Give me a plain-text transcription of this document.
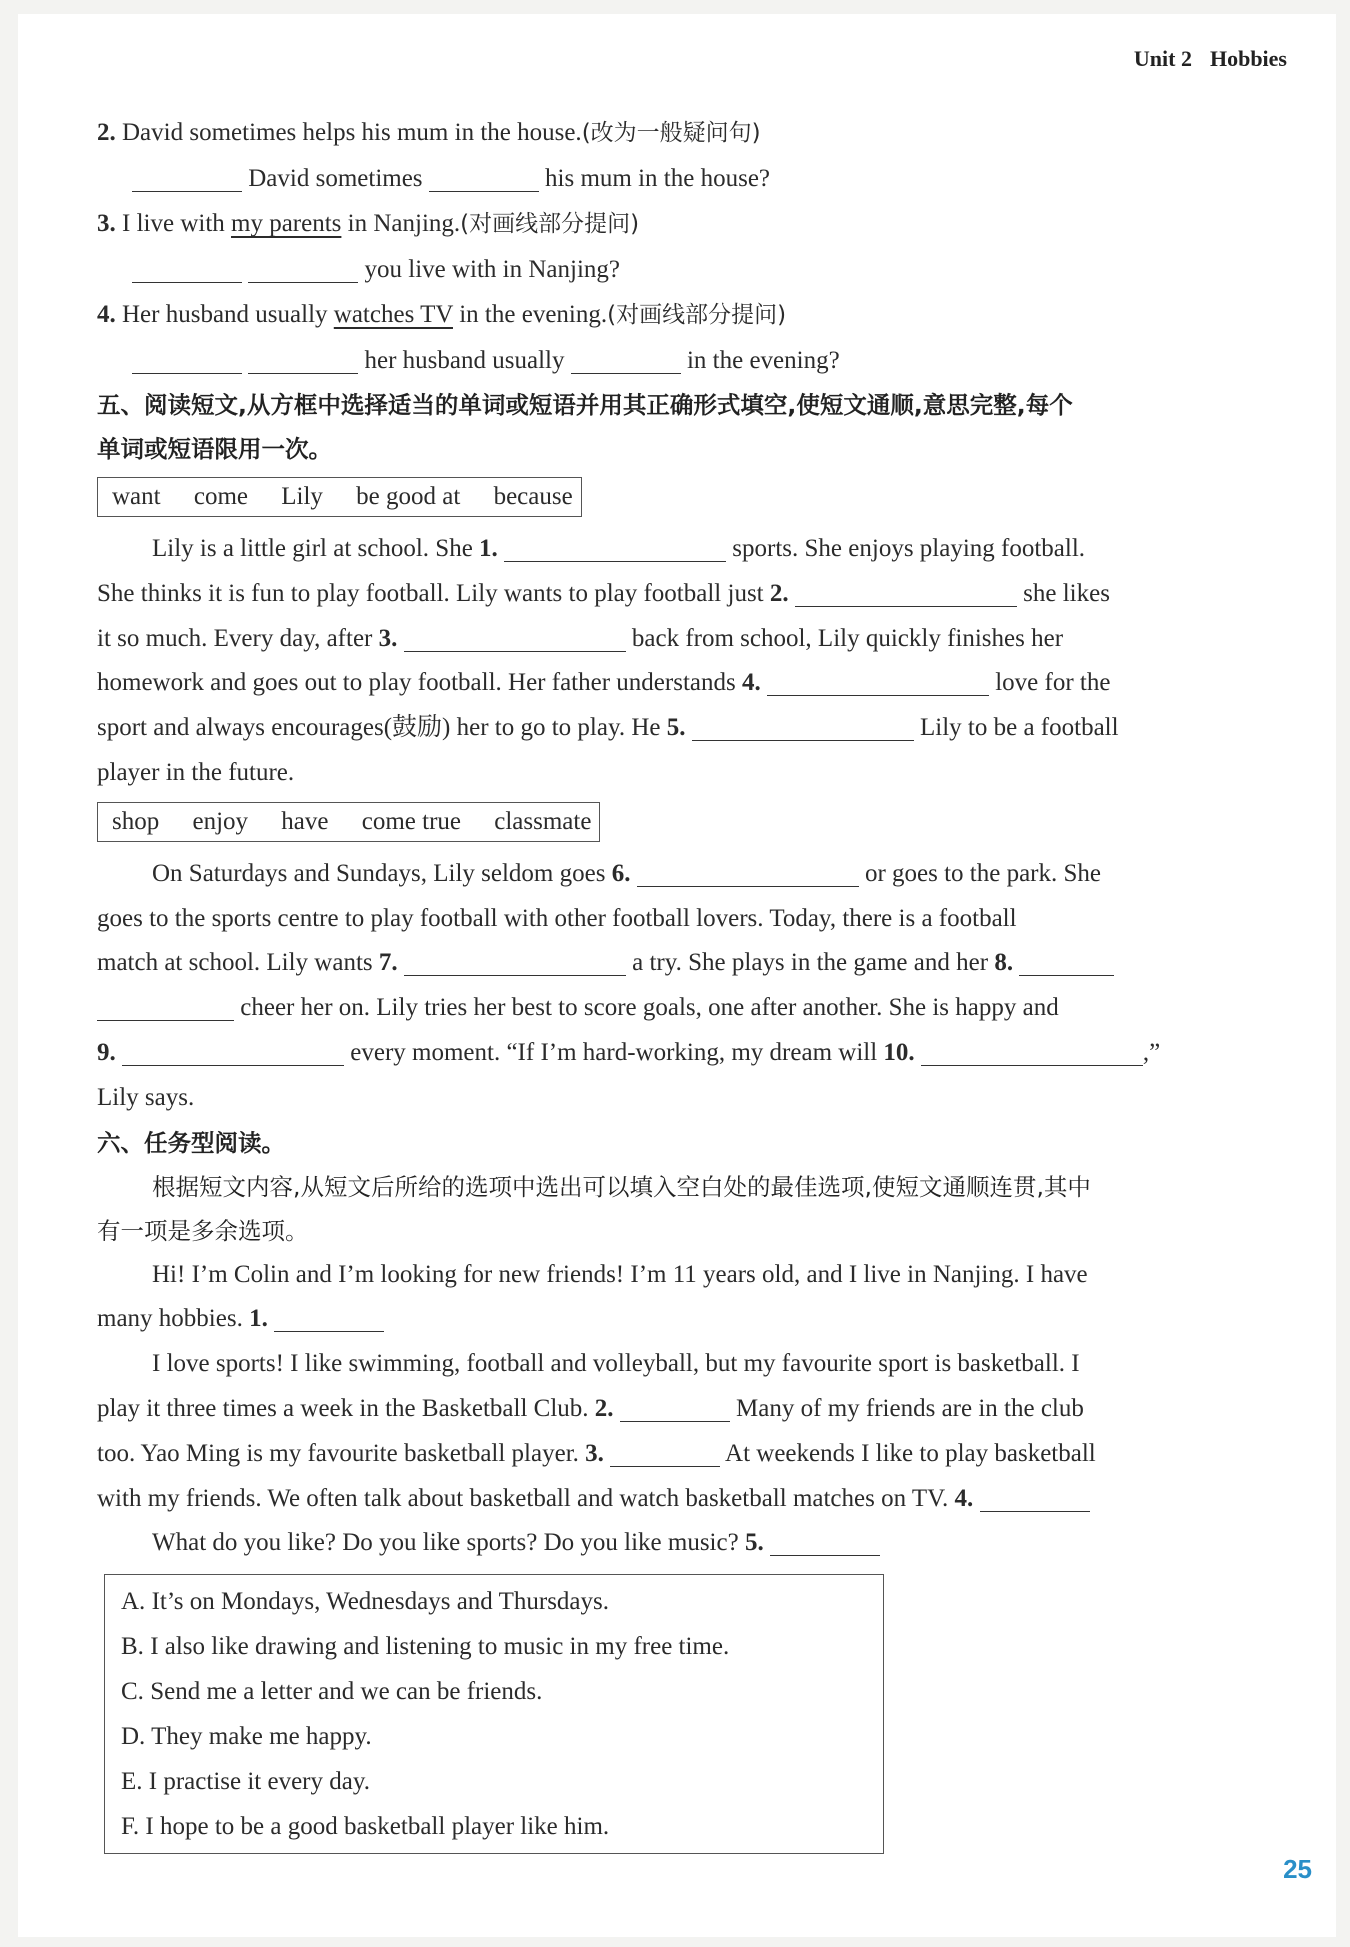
Unit 2 Hobbies
2. David sometimes helps his mum in the house.(改为一般疑问句)
David sometimes	his mum in the house?
3. I live with my parents in Nanjing.(对画线部分提问)
you live with in Nanjing?
4. Her husband usually watches TV in the evening.(对画线部分提问)
her husband usually	in the evening?
五、阅读短文,从方框中选择适当的单词或短语并用其正确形式填空,使短文通顺,意思完整,每个
单词或短语限用一次。
want come Lily be good at because
Lily is a little girl at school. She 1.	sports. She enjoys playing football.
She thinks it is fun to play football. Lily wants to play football just 2.	she likes
it so much. Every day, after 3.	back from school, Lily quickly finishes her
homework and goes out to play football. Her father understands 4.	love for the
sport and always encourages(鼓励) her to go to play. He 5.	Lily to be a football
player in the future.
shop enjoy have come true classmate
On Saturdays and Sundays, Lily seldom goes 6.	or goes to the park. She
goes to the sports centre to play football with other football lovers. Today, there is a football
match at school. Lily wants 7.	a try. She plays in the game and her 8.
cheer her on. Lily tries her best to score goals, one after another. She is happy and
9.	every moment. “If I’m hard-working, my dream will 10.	,”
Lily says.
六、任务型阅读。
根据短文内容,从短文后所给的选项中选出可以填入空白处的最佳选项,使短文通顺连贯,其中
有一项是多余选项。
Hi! I’m Colin and I’m looking for new friends! I’m 11 years old, and I live in Nanjing. I have
many hobbies. 1.
I love sports! I like swimming, football and volleyball, but my favourite sport is basketball. I
play it three times a week in the Basketball Club. 2.	Many of my friends are in the club
too. Yao Ming is my favourite basketball player. 3.	At weekends I like to play basketball
with my friends. We often talk about basketball and watch basketball matches on TV. 4.
What do you like? Do you like sports? Do you like music? 5.
A. It’s on Mondays, Wednesdays and Thursdays.
B. I also like drawing and listening to music in my free time.
C. Send me a letter and we can be friends.
D. They make me happy.
E. I practise it every day.
F. I hope to be a good basketball player like him.
25
